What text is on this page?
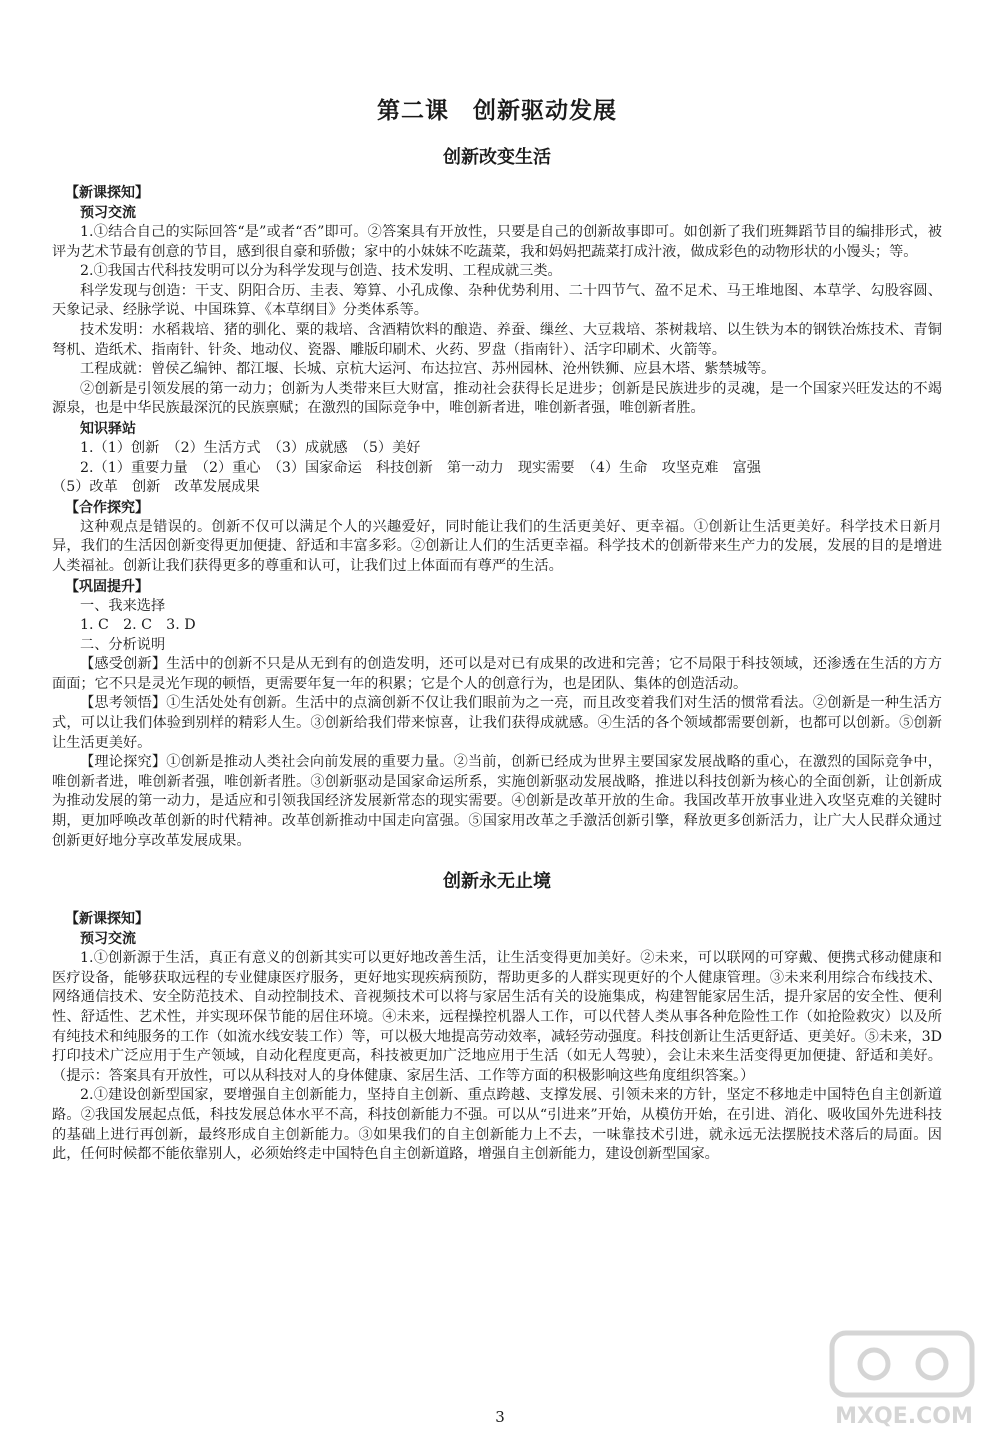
第二课　创新驱动发展
创新改变生活
【新课探知】
预习交流

1.①结合自己的实际回答“是”或者“否”即可。②答案具有开放性，只要是自己的创新故事即可。如创新了我们班舞蹈节目的编排形式，被评为艺术节最有创意的节目，感到很自豪和骄傲；家中的小妹妹不吃蔬菜，我和妈妈把蔬菜打成汁液，做成彩色的动物形状的小馒头；等。

2.①我国古代科技发明可以分为科学发现与创造、技术发明、工程成就三类。

科学发现与创造：干支、阴阳合历、圭表、筹算、小孔成像、杂种优势利用、二十四节气、盈不足术、马王堆地图、本草学、勾股容圆、天象记录、经脉学说、中国珠算、《本草纲目》分类体系等。

技术发明：水稻栽培、猪的驯化、粟的栽培、含酒精饮料的酿造、养蚕、缫丝、大豆栽培、茶树栽培、以生铁为本的钢铁冶炼技术、青铜弩机、造纸术、指南针、针灸、地动仪、瓷器、雕版印刷术、火药、罗盘（指南针）、活字印刷术、火箭等。

工程成就：曾侯乙编钟、都江堰、长城、京杭大运河、布达拉宫、苏州园林、沧州铁狮、应县木塔、紫禁城等。

②创新是引领发展的第一动力；创新为人类带来巨大财富，推动社会获得长足进步；创新是民族进步的灵魂，是一个国家兴旺发达的不竭源泉，也是中华民族最深沉的民族禀赋；在激烈的国际竞争中，唯创新者进，唯创新者强，唯创新者胜。

知识驿站

1.（1）创新　（2）生活方式　（3）成就感　（5）美好

2.（1）重要力量　（2）重心　（3）国家命运　科技创新　第一动力　现实需要　（4）生命　攻坚克难　富强

（5）改革　创新　改革发展成果

【合作探究】

这种观点是错误的。创新不仅可以满足个人的兴趣爱好，同时能让我们的生活更美好、更幸福。①创新让生活更美好。科学技术日新月异，我们的生活因创新变得更加便捷、舒适和丰富多彩。②创新让人们的生活更幸福。科学技术的创新带来生产力的发展，发展的目的是增进人类福祉。创新让我们获得更多的尊重和认可，让我们过上体面而有尊严的生活。

【巩固提升】

一、我来选择

1. C　2. C　3. D

二、分析说明

【感受创新】生活中的创新不只是从无到有的创造发明，还可以是对已有成果的改进和完善；它不局限于科技领域，还渗透在生活的方方面面；它不只是灵光乍现的顿悟，更需要年复一年的积累；它是个人的创意行为，也是团队、集体的创造活动。

【思考领悟】①生活处处有创新。生活中的点滴创新不仅让我们眼前为之一亮，而且改变着我们对生活的惯常看法。②创新是一种生活方式，可以让我们体验到别样的精彩人生。③创新给我们带来惊喜，让我们获得成就感。④生活的各个领域都需要创新，也都可以创新。⑤创新让生活更美好。

【理论探究】①创新是推动人类社会向前发展的重要力量。②当前，创新已经成为世界主要国家发展战略的重心，在激烈的国际竞争中，唯创新者进，唯创新者强，唯创新者胜。③创新驱动是国家命运所系，实施创新驱动发展战略，推进以科技创新为核心的全面创新，让创新成为推动发展的第一动力，是适应和引领我国经济发展新常态的现实需要。④创新是改革开放的生命。我国改革开放事业进入攻坚克难的关键时期，更加呼唤改革创新的时代精神。改革创新推动中国走向富强。⑤国家用改革之手激活创新引擎，释放更多创新活力，让广大人民群众通过创新更好地分享改革发展成果。

创新永无止境
【新课探知】
预习交流

1.①创新源于生活，真正有意义的创新其实可以更好地改善生活，让生活变得更加美好。②未来，可以联网的可穿戴、便携式移动健康和医疗设备，能够获取远程的专业健康医疗服务，更好地实现疾病预防，帮助更多的人群实现更好的个人健康管理。③未来利用综合布线技术、网络通信技术、安全防范技术、自动控制技术、音视频技术可以将与家居生活有关的设施集成，构建智能家居生活，提升家居的安全性、便利性、舒适性、艺术性，并实现环保节能的居住环境。④未来，远程操控机器人工作，可以代替人类从事各种危险性工作（如抢险救灾）以及所有纯技术和纯服务的工作（如流水线安装工作）等，可以极大地提高劳动效率，减轻劳动强度。科技创新让生活更舒适、更美好。⑤未来，3D打印技术广泛应用于生产领域，自动化程度更高，科技被更加广泛地应用于生活（如无人驾驶），会让未来生活变得更加便捷、舒适和美好。（提示：答案具有开放性，可以从科技对人的身体健康、家居生活、工作等方面的积极影响这些角度组织答案。）

2.①建设创新型国家，要增强自主创新能力，坚持自主创新、重点跨越、支撑发展、引领未来的方针，坚定不移地走中国特色自主创新道路。②我国发展起点低，科技发展总体水平不高，科技创新能力不强。可以从“引进来”开始，从模仿开始，在引进、消化、吸收国外先进科技的基础上进行再创新，最终形成自主创新能力。③如果我们的自主创新能力上不去，一味靠技术引进，就永远无法摆脱技术落后的局面。因此，任何时候都不能依靠别人，必须始终走中国特色自主创新道路，增强自主创新能力，建设创新型国家。

3	MXQE.COM
